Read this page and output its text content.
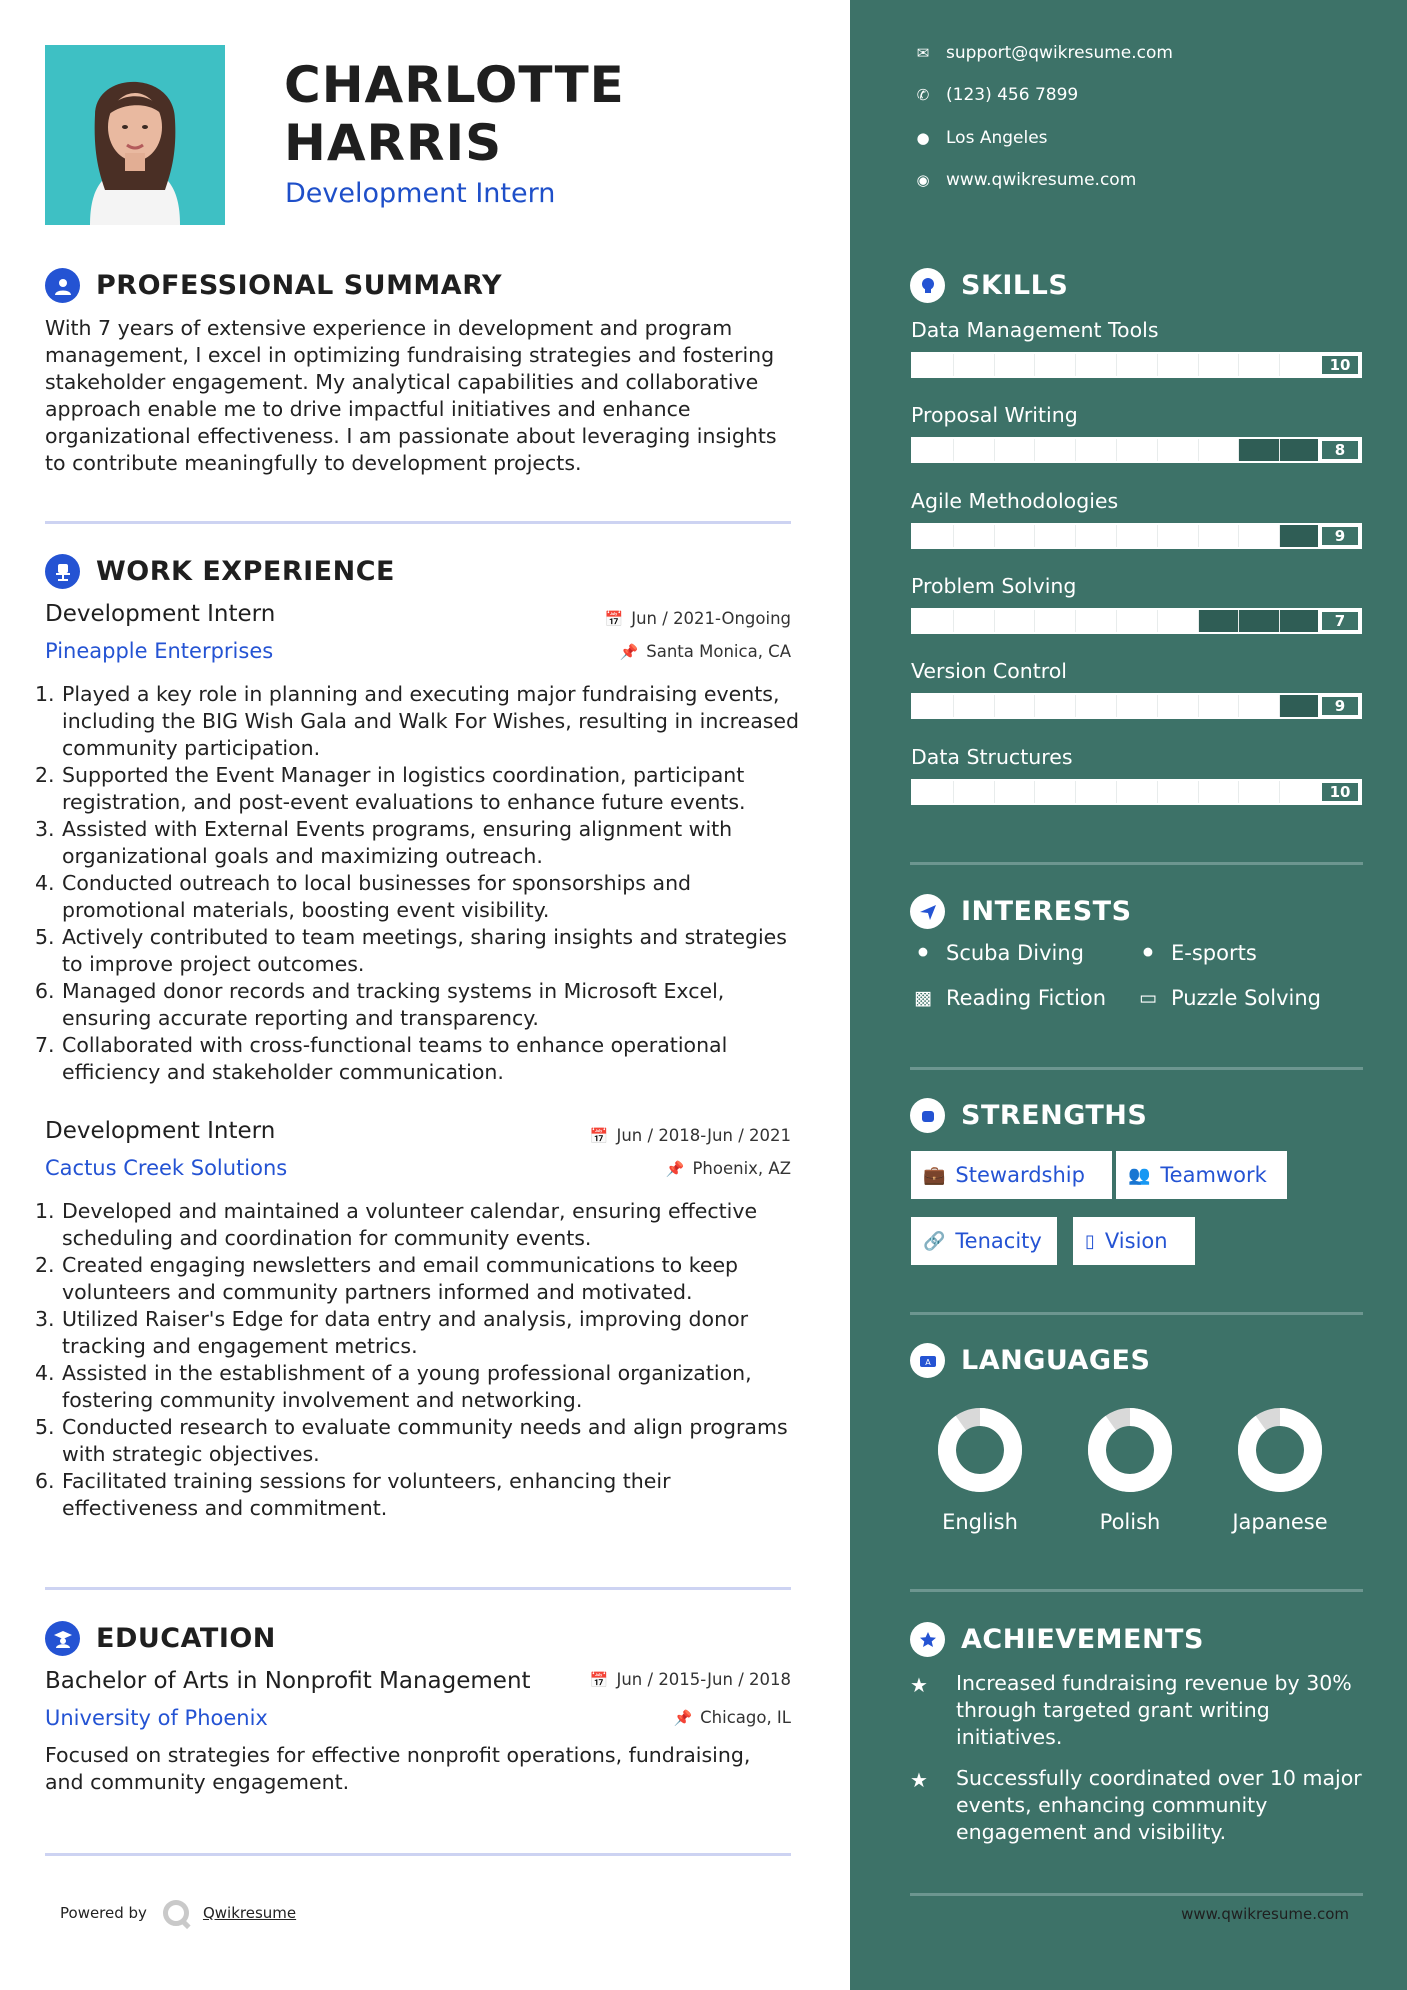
CHARLOTTE
HARRIS
Development Intern
PROFESSIONAL SUMMARY
With 7 years of extensive experience in development and program management, I excel in optimizing fundraising strategies and fostering stakeholder engagement. My analytical capabilities and collaborative approach enable me to drive impactful initiatives and enhance organizational effectiveness. I am passionate about leveraging insights to contribute meaningfully to development projects.
WORK EXPERIENCE
Development Intern
Pineapple Enterprises
📅 Jun / 2021-Ongoing
📌 Santa Monica, CA
1. Played a key role in planning and executing major fundraising events, including the BIG Wish Gala and Walk For Wishes, resulting in increased community participation.
2. Supported the Event Manager in logistics coordination, participant registration, and post-event evaluations to enhance future events.
3. Assisted with External Events programs, ensuring alignment with organizational goals and maximizing outreach.
4. Conducted outreach to local businesses for sponsorships and promotional materials, boosting event visibility.
5. Actively contributed to team meetings, sharing insights and strategies to improve project outcomes.
6. Managed donor records and tracking systems in Microsoft Excel, ensuring accurate reporting and transparency.
7. Collaborated with cross-functional teams to enhance operational efficiency and stakeholder communication.
Development Intern
Cactus Creek Solutions
📅 Jun / 2018-Jun / 2021
📌 Phoenix, AZ
1. Developed and maintained a volunteer calendar, ensuring effective scheduling and coordination for community events.
2. Created engaging newsletters and email communications to keep volunteers and community partners informed and motivated.
3. Utilized Raiser's Edge for data entry and analysis, improving donor tracking and engagement metrics.
4. Assisted in the establishment of a young professional organization, fostering community involvement and networking.
5. Conducted research to evaluate community needs and align programs with strategic objectives.
6. Facilitated training sessions for volunteers, enhancing their effectiveness and commitment.
EDUCATION
Bachelor of Arts in Nonprofit Management
University of Phoenix
📅 Jun / 2015-Jun / 2018
📌 Chicago, IL
Focused on strategies for effective nonprofit operations, fundraising, and community engagement.
Powered by	Qwikresume
✉ support@qwikresume.com
✆ (123) 456 7899
● Los Angeles
◉ www.qwikresume.com
SKILLS
Data Management Tools
10
Proposal Writing
8
Agile Methodologies
9
Problem Solving
7
Version Control
9
Data Structures
10
INTERESTS
⚫ Scuba Diving	⚫ E-sports
▩ Reading Fiction ▭ Puzzle Solving
STRENGTHS
💼 Stewardship 👥 Teamwork
🔗 Tenacity ▯ Vision
A LANGUAGES
English	Polish	Japanese
ACHIEVEMENTS
★	Increased fundraising revenue by 30% through targeted grant writing initiatives.
★	Successfully coordinated over 10 major events, enhancing community engagement and visibility.
www.qwikresume.com
